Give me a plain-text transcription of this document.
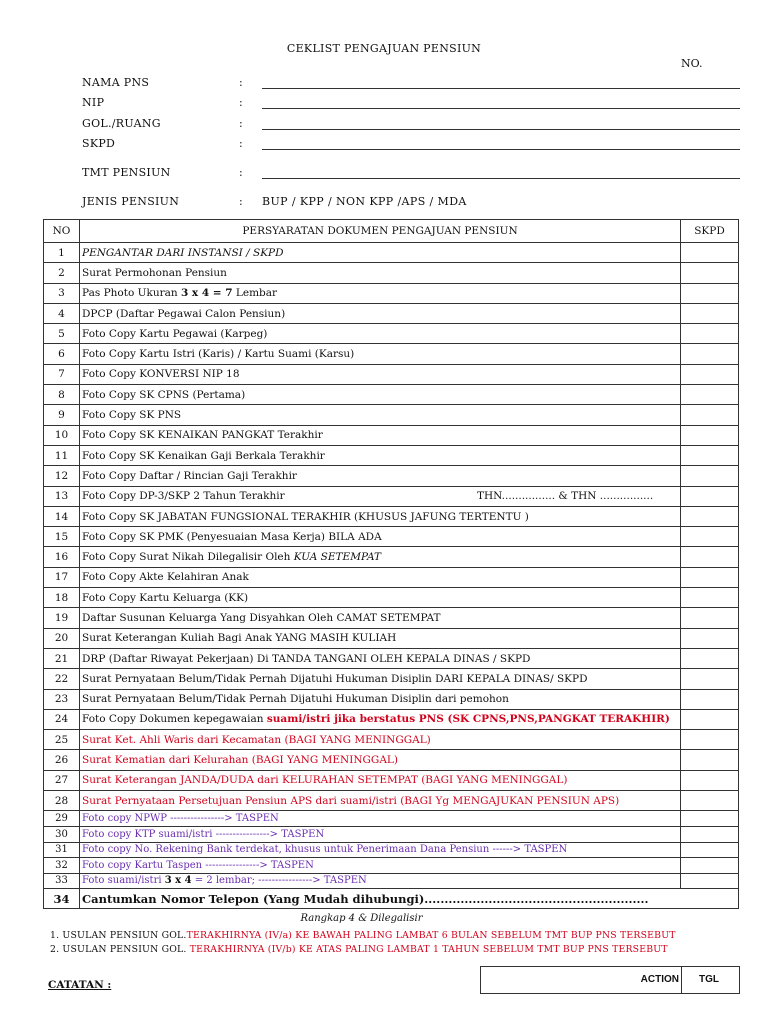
CEKLIST PENGAJUAN PENSIUN
NO.
NAMA PNS	:
NIP	:
GOL./RUANG	:
SKPD	:
TMT PENSIUN	:
JENIS PENSIUN	: BUP / KPP / NON KPP /APS / MDA
NO	PERSYARATAN DOKUMEN PENGAJUAN PENSIUN	SKPD
1	PENGANTAR DARI INSTANSI / SKPD	
2	Surat Permohonan Pensiun	
3	Pas Photo Ukuran 3 x 4 = 7 Lembar	
4	DPCP (Daftar Pegawai Calon Pensiun)	
5	Foto Copy Kartu Pegawai (Karpeg)	
6	Foto Copy Kartu Istri (Karis) / Kartu Suami (Karsu)	
7	Foto Copy KONVERSI NIP 18	
8	Foto Copy SK CPNS (Pertama)	
9	Foto Copy SK PNS	
10	Foto Copy SK KENAIKAN PANGKAT Terakhir	
11	Foto Copy SK Kenaikan Gaji Berkala Terakhir	
12	Foto Copy Daftar / Rincian Gaji Terakhir	
13	Foto Copy DP-3/SKP 2 Tahun Terakhir THN................ & THN ................	
14	Foto Copy SK JABATAN FUNGSIONAL TERAKHIR (KHUSUS JAFUNG TERTENTU )	
15	Foto Copy SK PMK (Penyesuaian Masa Kerja) BILA ADA	
16	Foto Copy Surat Nikah Dilegalisir Oleh KUA SETEMPAT	
17	Foto Copy Akte Kelahiran Anak	
18	Foto Copy Kartu Keluarga (KK)	
19	Daftar Susunan Keluarga Yang Disyahkan Oleh CAMAT SETEMPAT	
20	Surat Keterangan Kuliah Bagi Anak YANG MASIH KULIAH	
21	DRP (Daftar Riwayat Pekerjaan) Di TANDA TANGANI OLEH KEPALA DINAS / SKPD	
22	Surat Pernyataan Belum/Tidak Pernah Dijatuhi Hukuman Disiplin DARI KEPALA DINAS/ SKPD	
23	Surat Pernyataan Belum/Tidak Pernah Dijatuhi Hukuman Disiplin dari pemohon	
24	Foto Copy Dokumen kepegawaian suami/istri jika berstatus PNS (SK CPNS,PNS,PANGKAT TERAKHIR)	
25	Surat Ket. Ahli Waris dari Kecamatan (BAGI YANG MENINGGAL)	
26	Surat Kematian dari Kelurahan (BAGI YANG MENINGGAL)	
27	Surat Keterangan JANDA/DUDA dari KELURAHAN SETEMPAT (BAGI YANG MENINGGAL)	
28	Surat Pernyataan Persetujuan Pensiun APS dari suami/istri (BAGI Yg MENGAJUKAN PENSIUN APS)	
29	Foto copy NPWP ----------------> TASPEN	
30	Foto copy KTP suami/istri ----------------> TASPEN	
31	Foto copy No. Rekening Bank terdekat, khusus untuk Penerimaan Dana Pensiun ------> TASPEN	
32	Foto copy Kartu Taspen ----------------> TASPEN	
33	Foto suami/istri 3 x 4 = 2 lembar; ----------------> TASPEN	
34	Cantumkan Nomor Telepon (Yang Mudah dihubungi)........................................................	
Rangkap 4 & Dilegalisir
1. USULAN PENSIUN GOL.TERAKHIRNYA (IV/a) KE BAWAH PALING LAMBAT 6 BULAN SEBELUM TMT BUP PNS TERSEBUT
2. USULAN PENSIUN GOL. TERAKHIRNYA (IV/b) KE ATAS PALING LAMBAT 1 TAHUN SEBELUM TMT BUP PNS TERSEBUT
CATATAN :	ACTION TGL
